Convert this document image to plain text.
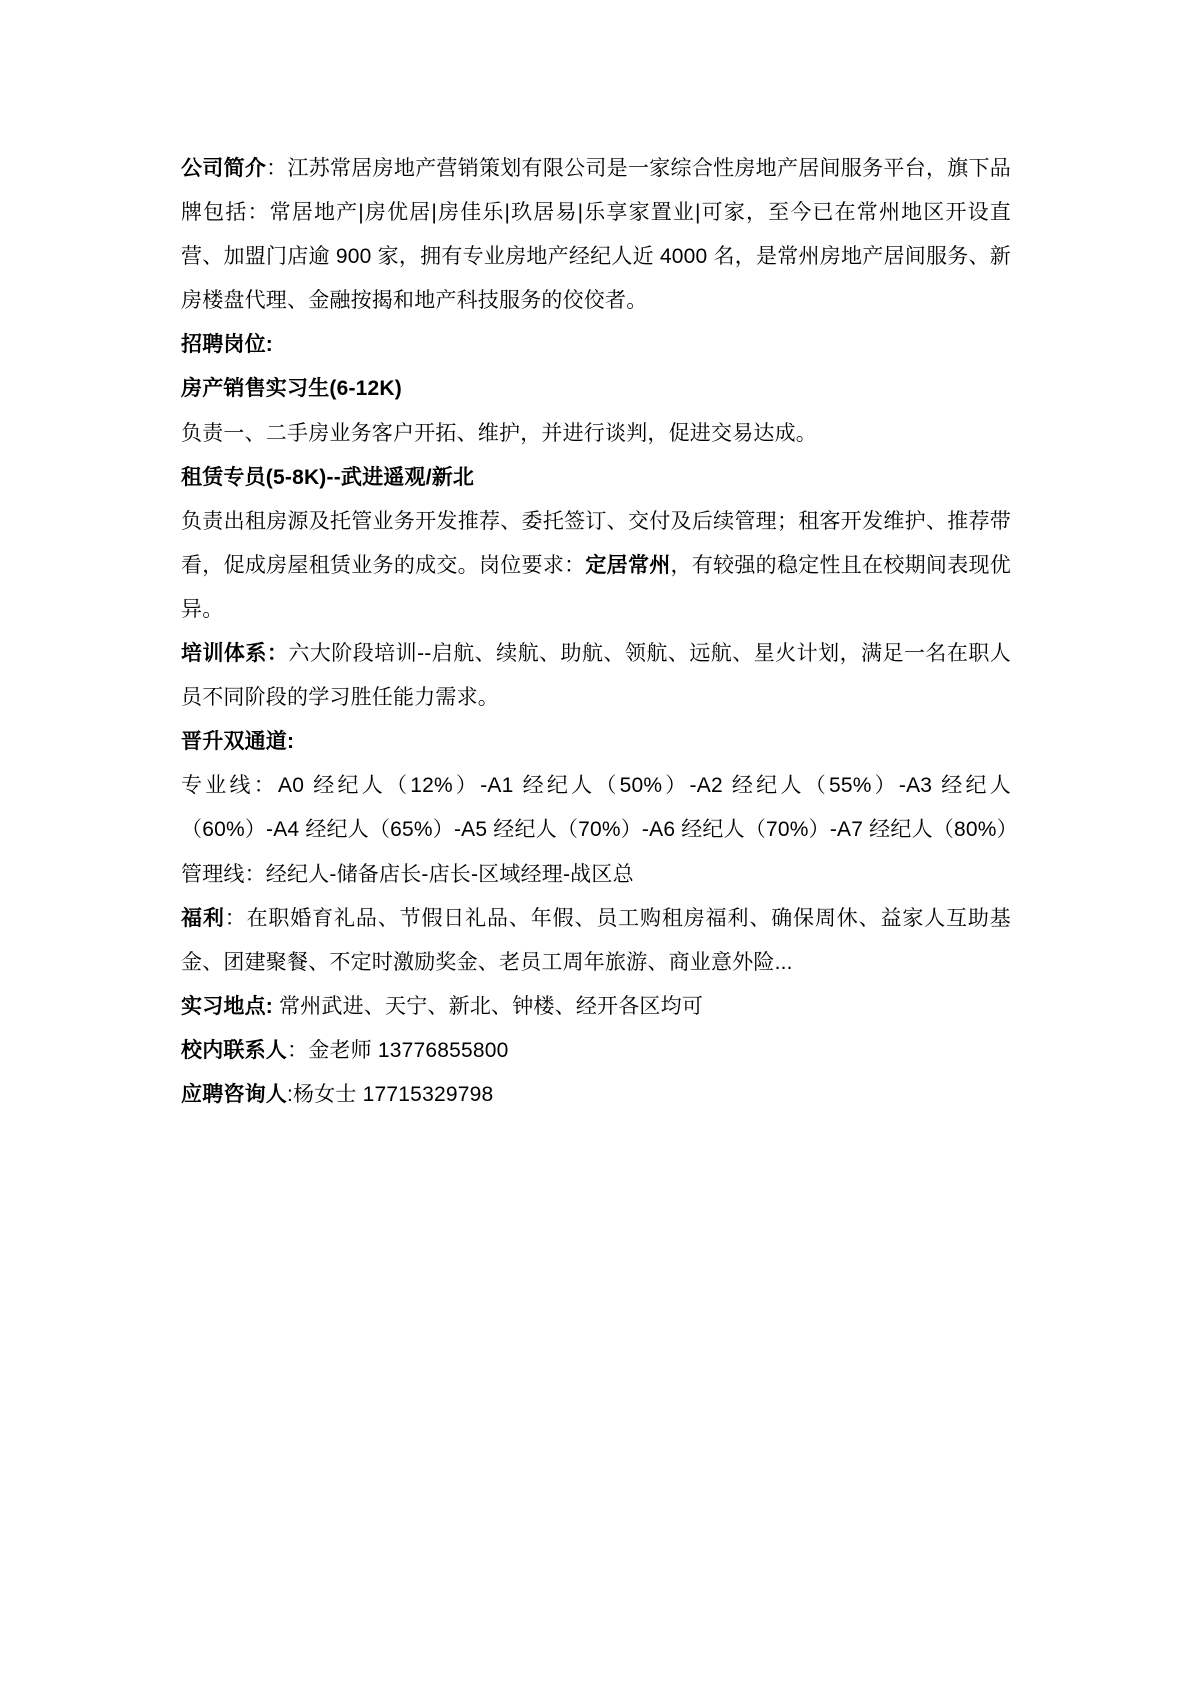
公司简介：江苏常居房地产营销策划有限公司是一家综合性房地产居间服务平台，旗下品牌包括：常居地产|房优居|房佳乐|玖居易|乐享家置业|可家，至今已在常州地区开设直营、加盟门店逾 900 家，拥有专业房地产经纪人近 4000 名，是常州房地产居间服务、新房楼盘代理、金融按揭和地产科技服务的佼佼者。

招聘岗位:

房产销售实习生(6-12K)

负责一、二手房业务客户开拓、维护，并进行谈判，促进交易达成。

租赁专员(5-8K)--武进遥观/新北

负责出租房源及托管业务开发推荐、委托签订、交付及后续管理；租客开发维护、推荐带看，促成房屋租赁业务的成交。岗位要求：定居常州，有较强的稳定性且在校期间表现优异。

培训体系：六大阶段培训--启航、续航、助航、领航、远航、星火计划，满足一名在职人员不同阶段的学习胜任能力需求。

晋升双通道:

专业线：A0 经纪人（12%）-A1 经纪人（50%）-A2 经纪人（55%）-A3 经纪人（60%）-A4 经纪人（65%）-A5 经纪人（70%）-A6 经纪人（70%）-A7 经纪人（80%）

管理线：经纪人-储备店长-店长-区域经理-战区总

福利：在职婚育礼品、节假日礼品、年假、员工购租房福利、确保周休、益家人互助基金、团建聚餐、不定时激励奖金、老员工周年旅游、商业意外险...

实习地点: 常州武进、天宁、新北、钟楼、经开各区均可

校内联系人：金老师 13776855800

应聘咨询人:杨女士 17715329798
